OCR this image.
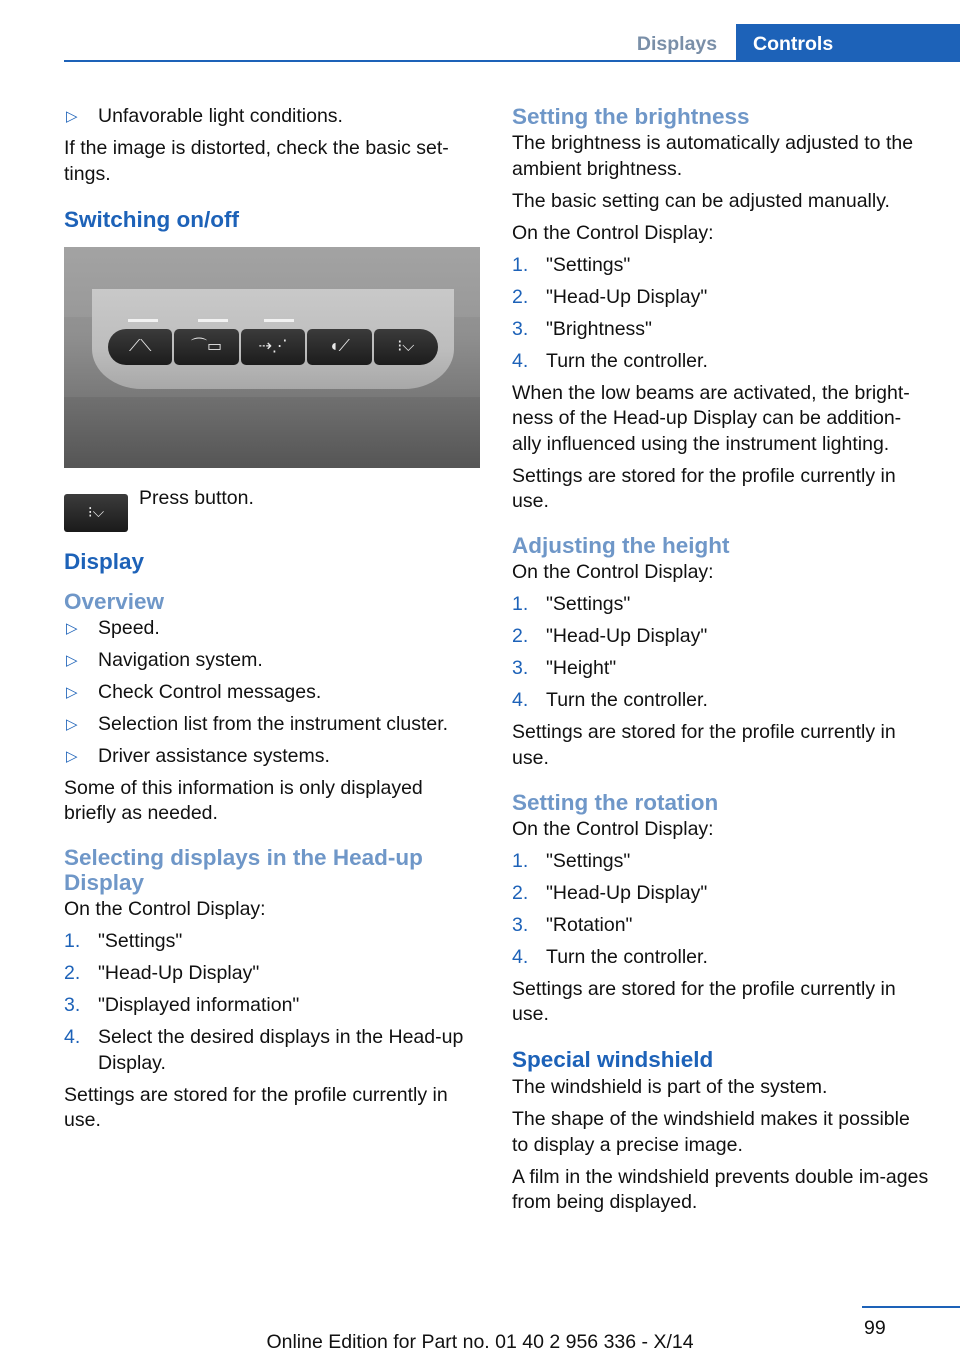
Displays	Controls
▷ Unfavorable light conditions.

If the image is distorted, check the basic set-tings.

Switching on/off
⟋⟍	⌒▭	⇢⋰	◖⟋	⁝⌵
⁝⌵
Press button.
Display
Overview
▷ Speed.
▷ Navigation system.
▷ Check Control messages.
▷ Selection list from the instrument cluster.
▷ Driver assistance systems.

Some of this information is only displayed briefly as needed.

Selecting displays in the Head-up Display

On the Control Display:

1. "Settings"
2. "Head-Up Display"
3. "Displayed information"
4. Select the desired displays in the Head-up Display.

Settings are stored for the profile currently in use.

Setting the brightness

The brightness is automatically adjusted to the ambient brightness.

The basic setting can be adjusted manually.

On the Control Display:

1. "Settings"
2. "Head-Up Display"
3. "Brightness"
4. Turn the controller.

When the low beams are activated, the bright-ness of the Head-up Display can be addition-ally influenced using the instrument lighting.

Settings are stored for the profile currently in use.

Adjusting the height

On the Control Display:

1. "Settings"
2. "Head-Up Display"
3. "Height"
4. Turn the controller.

Settings are stored for the profile currently in use.

Setting the rotation

On the Control Display:

1. "Settings"
2. "Head-Up Display"
3. "Rotation"
4. Turn the controller.

Settings are stored for the profile currently in use.

Special windshield

The windshield is part of the system.

The shape of the windshield makes it possible to display a precise image.

A film in the windshield prevents double im-ages from being displayed.

99
Online Edition for Part no. 01 40 2 956 336 - X/14
